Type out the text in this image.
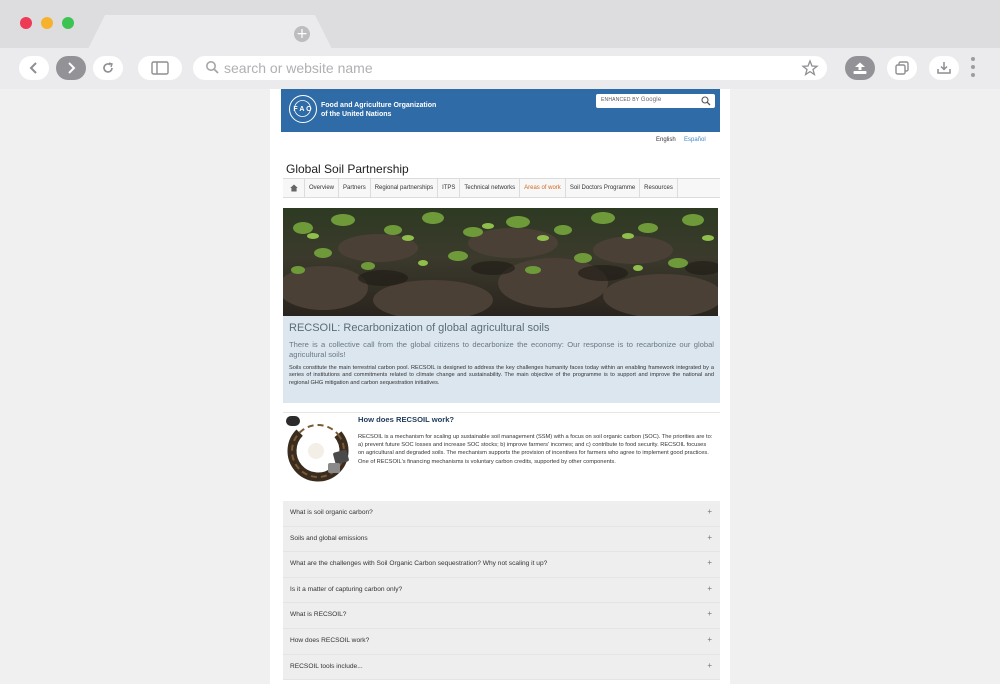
+
search or website name
F A O
Food and Agriculture Organization
of the United Nations
ENHANCED BY Google
English Español
Global Soil Partnership
Overview	Partners	Regional partnerships	ITPS	Technical networks	Areas of work	Soil Doctors Programme	Resources
RECSOIL: Recarbonization of global agricultural soils
There is a collective call from the global citizens to decarbonize the economy: Our response is to recarbonize our global agricultural soils!
Soils constitute the main terrestrial carbon pool. RECSOIL is designed to address the key challenges humanity faces today within an enabling framework integrated by a series of institutions and commitments related to climate change and sustainability. The main objective of the programme is to support and improve the national and regional GHG mitigation and carbon sequestration initiatives.
How does RECSOIL work?
RECSOIL is a mechanism for scaling up sustainable soil management (SSM) with a focus on soil organic carbon (SOC). The priorities are to: a) prevent future SOC losses and increase SOC stocks; b) improve farmers' incomes; and c) contribute to food security. RECSOIL focuses on agricultural and degraded soils. The mechanism supports the provision of incentives for farmers who agree to implement good practices. One of RECSOIL's financing mechanisms is voluntary carbon credits, supported by other components.
What is soil organic carbon?	+
Soils and global emissions	+
What are the challenges with Soil Organic Carbon sequestration? Why not scaling it up?	+
Is it a matter of capturing carbon only?	+
What is RECSOIL?	+
How does RECSOIL work?	+
RECSOIL tools include...	+
